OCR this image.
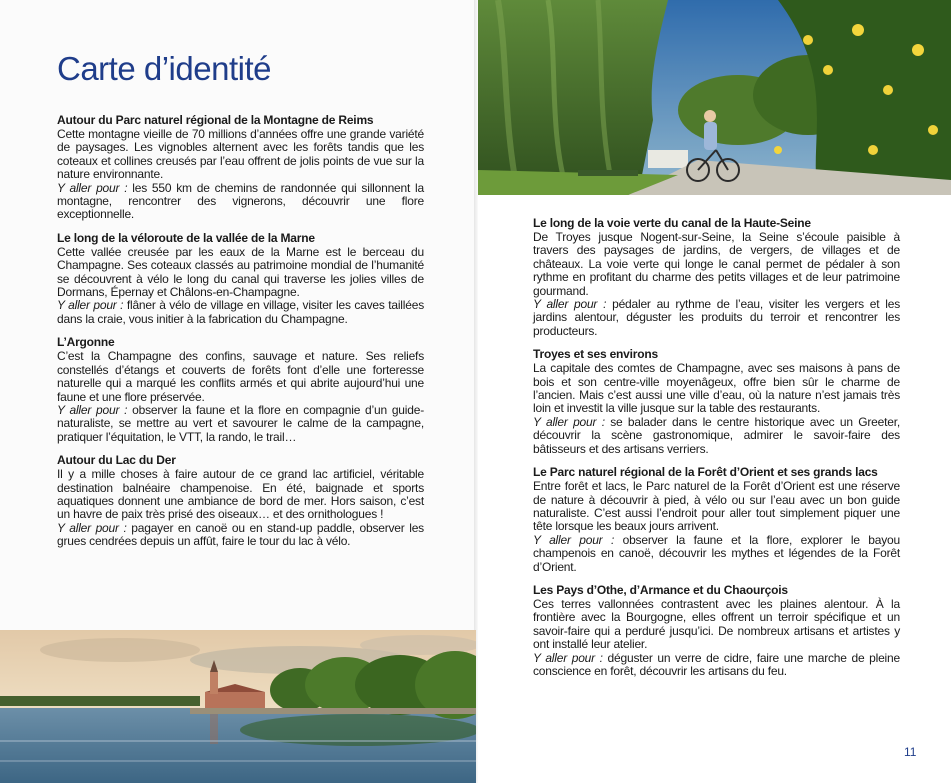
Carte d’identité

Autour du Parc naturel régional de la Montagne de Reims

Cette montagne vieille de 70 millions d’années offre une grande variété de paysages. Les vignobles alternent avec les forêts tandis que les coteaux et collines creusés par l’eau offrent de jolis points de vue sur la nature environnante.
Y aller pour : les 550 km de chemins de randonnée qui sillonnent la montagne, rencontrer des vignerons, découvrir une flore exceptionnelle.

Le long de la véloroute de la vallée de la Marne

Cette vallée creusée par les eaux de la Marne est le berceau du Champagne. Ses coteaux classés au patrimoine mondial de l’humanité se découvrent à vélo le long du canal qui traverse les jolies villes de Dormans, Épernay et Châlons-en-Champagne.
Y aller pour : flâner à vélo de village en village, visiter les caves taillées dans la craie, vous initier à la fabrication du Champagne.

L’Argonne

C’est la Champagne des confins, sauvage et nature. Ses reliefs constellés d’étangs et couverts de forêts font d’elle une forteresse naturelle qui a marqué les conflits armés et qui abrite aujourd’hui une faune et une flore préservée.
Y aller pour : observer la faune et la flore en compagnie d’un guide-naturaliste, se mettre au vert et savourer le calme de la campagne, pratiquer l’équitation, le VTT, la rando, le trail…

Autour du Lac du Der

Il y a mille choses à faire autour de ce grand lac artificiel, véritable destination balnéaire champenoise. En été, baignade et sports aquatiques donnent une ambiance de bord de mer. Hors saison, c’est un havre de paix très prisé des oiseaux… et des ornithologues !
Y aller pour : pagayer en canoë ou en stand-up paddle, observer les grues cendrées depuis un affût, faire le tour du lac à vélo.

Le long de la voie verte du canal de la Haute-Seine

De Troyes jusque Nogent-sur-Seine, la Seine s’écoule paisible à travers des paysages de jardins, de vergers, de villages et de châteaux. La voie verte qui longe le canal permet de pédaler à son rythme en profitant du charme des petits villages et de leur patrimoine gourmand.
Y aller pour : pédaler au rythme de l’eau, visiter les vergers et les jardins alentour, déguster les produits du terroir et rencontrer les producteurs.

Troyes et ses environs

La capitale des comtes de Champagne, avec ses maisons à pans de bois et son centre-ville moyenâgeux, offre bien sûr le charme de l’ancien. Mais c’est aussi une ville d’eau, où la nature n’est jamais très loin et investit la ville jusque sur la table des restaurants.
Y aller pour : se balader dans le centre historique avec un Greeter, découvrir la scène gastronomique, admirer le savoir-faire des bâtisseurs et des artisans verriers.

Le Parc naturel régional de la Forêt d’Orient et ses grands lacs

Entre forêt et lacs, le Parc naturel de la Forêt d’Orient est une réserve de nature à découvrir à pied, à vélo ou sur l’eau avec un bon guide naturaliste. C’est aussi l’endroit pour aller tout simplement piquer une tête lorsque les beaux jours arrivent.
Y aller pour : observer la faune et la flore, explorer le bayou champenois en canoë, découvrir les mythes et légendes de la Forêt d’Orient.

Les Pays d’Othe, d’Armance et du Chaourçois

Ces terres vallonnées contrastent avec les plaines alentour. À la frontière avec la Bourgogne, elles offrent un terroir spécifique et un savoir-faire qui a perduré jusqu’ici. De nombreux artisans et artistes y ont installé leur atelier.
Y aller pour : déguster un verre de cidre, faire une marche de pleine conscience en forêt, découvrir les artisans du feu.

11
